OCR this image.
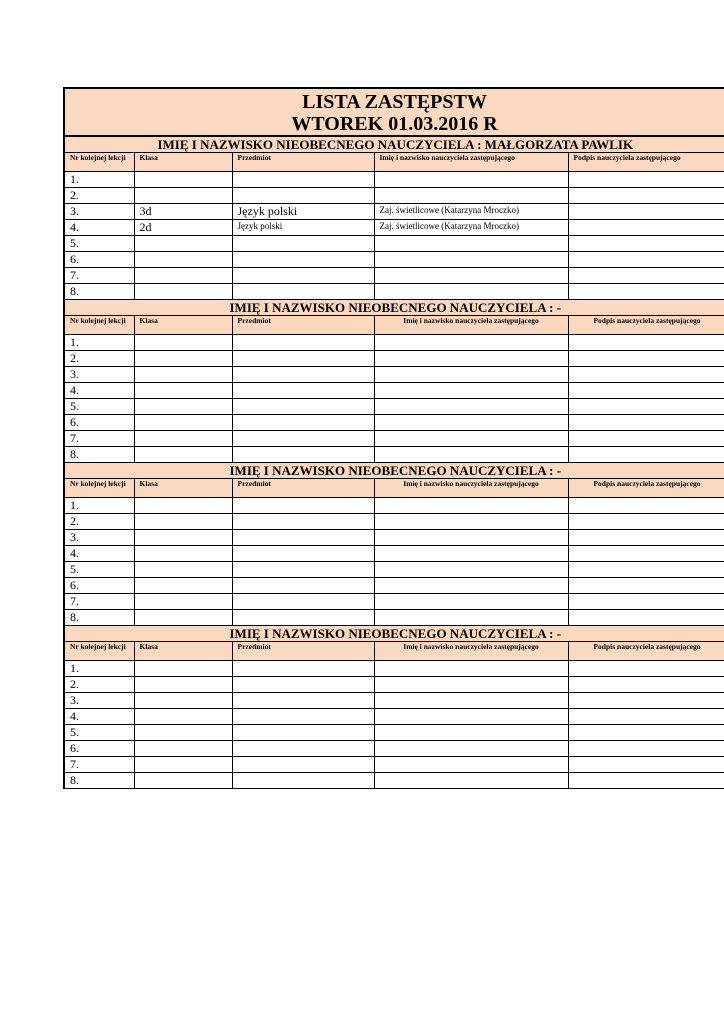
LISTA ZASTĘPSTW
WTOREK 01.03.2016 R
IMIĘ I NAZWISKO NIEOBECNEGO NAUCZYCIELA : MAŁGORZATA PAWLIK				
Nr kolejnej lekcji	Klasa	Przedmiot	Imię i nazwisko nauczyciela zastępującego	Podpis nauczyciela zastępującego
1.				
2.				
3.	3d	Język polski	Zaj. świetlicowe (Katarzyna Mroczko)	
4.	2d	Język polski	Zaj. świetlicowe (Katarzyna Mroczko)	
5.				
6.				
7.				
8.				
IMIĘ I NAZWISKO NIEOBECNEGO NAUCZYCIELA : -				
Nr kolejnej lekcji	Klasa	Przedmiot	Imię i nazwisko nauczyciela zastępującego	Podpis nauczyciela zastępującego
1.				
2.				
3.				
4.				
5.				
6.				
7.				
8.				
IMIĘ I NAZWISKO NIEOBECNEGO NAUCZYCIELA : -				
Nr kolejnej lekcji	Klasa	Przedmiot	Imię i nazwisko nauczyciela zastępującego	Podpis nauczyciela zastępującego
1.				
2.				
3.				
4.				
5.				
6.				
7.				
8.				
IMIĘ I NAZWISKO NIEOBECNEGO NAUCZYCIELA : -				
Nr kolejnej lekcji	Klasa	Przedmiot	Imię i nazwisko nauczyciela zastępującego	Podpis nauczyciela zastępującego
1.				
2.				
3.				
4.				
5.				
6.				
7.				
8.				
